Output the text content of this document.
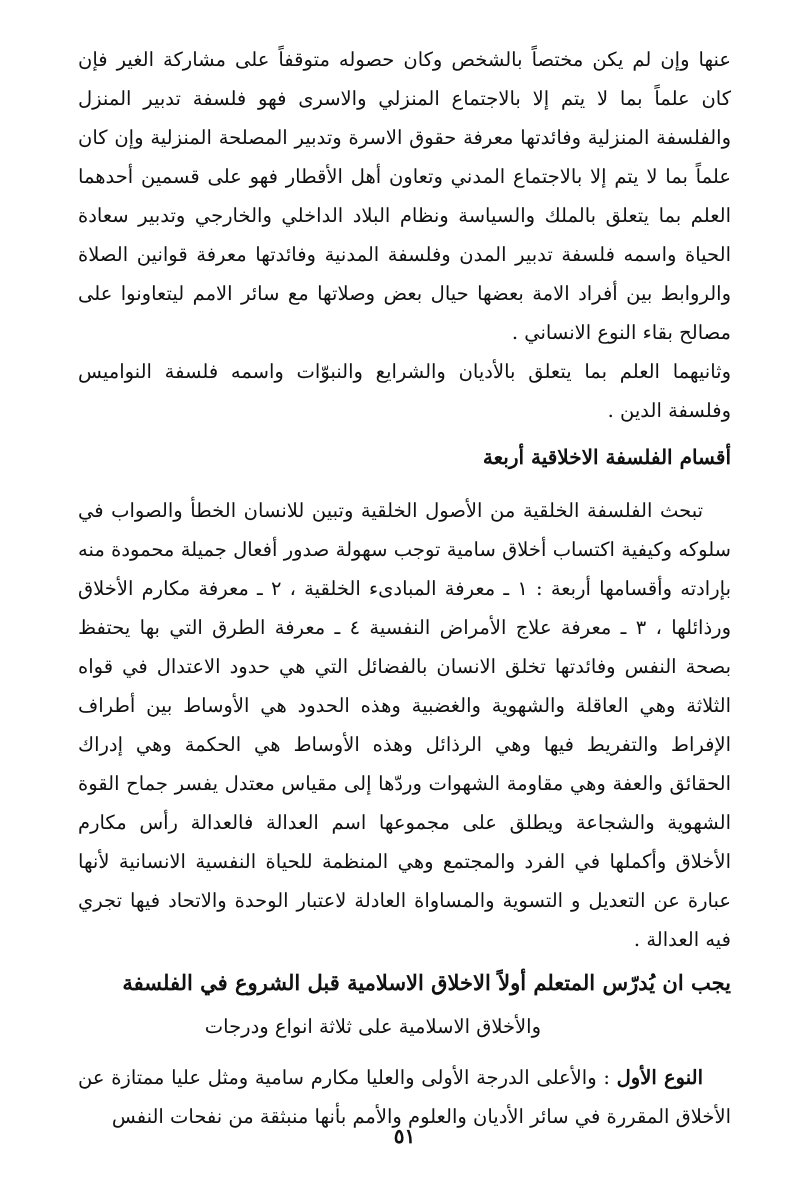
عنها وإن لم يكن مختصاً بالشخص وكان حصوله متوقفاً على مشاركة الغير فإن كان علماً بما لا يتم إلا بالاجتماع المنزلي والاسرى فهو فلسفة تدبير المنزل والفلسفة المنزلية وفائدتها معرفة حقوق الاسرة وتدبير المصلحة المنزلية وإن كان علماً بما لا يتم إلا بالاجتماع المدني وتعاون أهل الأقطار فهو على قسمين أحدهما العلم بما يتعلق بالملك والسياسة ونظام البلاد الداخلي والخارجي وتدبير سعادة الحياة واسمه فلسفة تدبير المدن وفلسفة المدنية وفائدتها معرفة قوانين الصلاة والروابط بين أفراد الامة بعضها حيال بعض وصلاتها مع سائر الامم ليتعاونوا على مصالح بقاء النوع الانساني .

وثانيهما العلم بما يتعلق بالأديان والشرايع والنبوّات واسمه فلسفة النواميس وفلسفة الدين .

أقسام الفلسفة الاخلاقية أربعة

تبحث الفلسفة الخلقية من الأصول الخلقية وتبين للانسان الخطأ والصواب في سلوكه وكيفية اكتساب أخلاق سامية توجب سهولة صدور أفعال جميلة محمودة منه بإرادته وأقسامها أربعة : ١ ـ معرفة المبادىء الخلقية ، ٢ ـ معرفة مكارم الأخلاق ورذائلها ، ٣ ـ معرفة علاج الأمراض النفسية ٤ ـ معرفة الطرق التي بها يحتفظ بصحة النفس وفائدتها تخلق الانسان بالفضائل التي هي حدود الاعتدال في قواه الثلاثة وهي العاقلة والشهوية والغضبية وهذه الحدود هي الأوساط بين أطراف الإفراط والتفريط فيها وهي الرذائل وهذه الأوساط هي الحكمة وهي إدراك الحقائق والعفة وهي مقاومة الشهوات وردّها إلى مقياس معتدل يفسر جماح القوة الشهوية والشجاعة ويطلق على مجموعها اسم العدالة فالعدالة رأس مكارم الأخلاق وأكملها في الفرد والمجتمع وهي المنظمة للحياة النفسية الانسانية لأنها عبارة عن التعديل و التسوية والمساواة العادلة لاعتبار الوحدة والاتحاد فيها تجري فيه العدالة .

يجب ان يُدرّس المتعلم أولاً الاخلاق الاسلامية قبل الشروع في الفلسفة

والأخلاق الاسلامية على ثلاثة انواع ودرجات

النوع الأول : والأعلى الدرجة الأولى والعليا مكارم سامية ومثل عليا ممتازة عن الأخلاق المقررة في سائر الأديان والعلوم والأمم بأنها منبثقة من نفحات النفس

٥١
